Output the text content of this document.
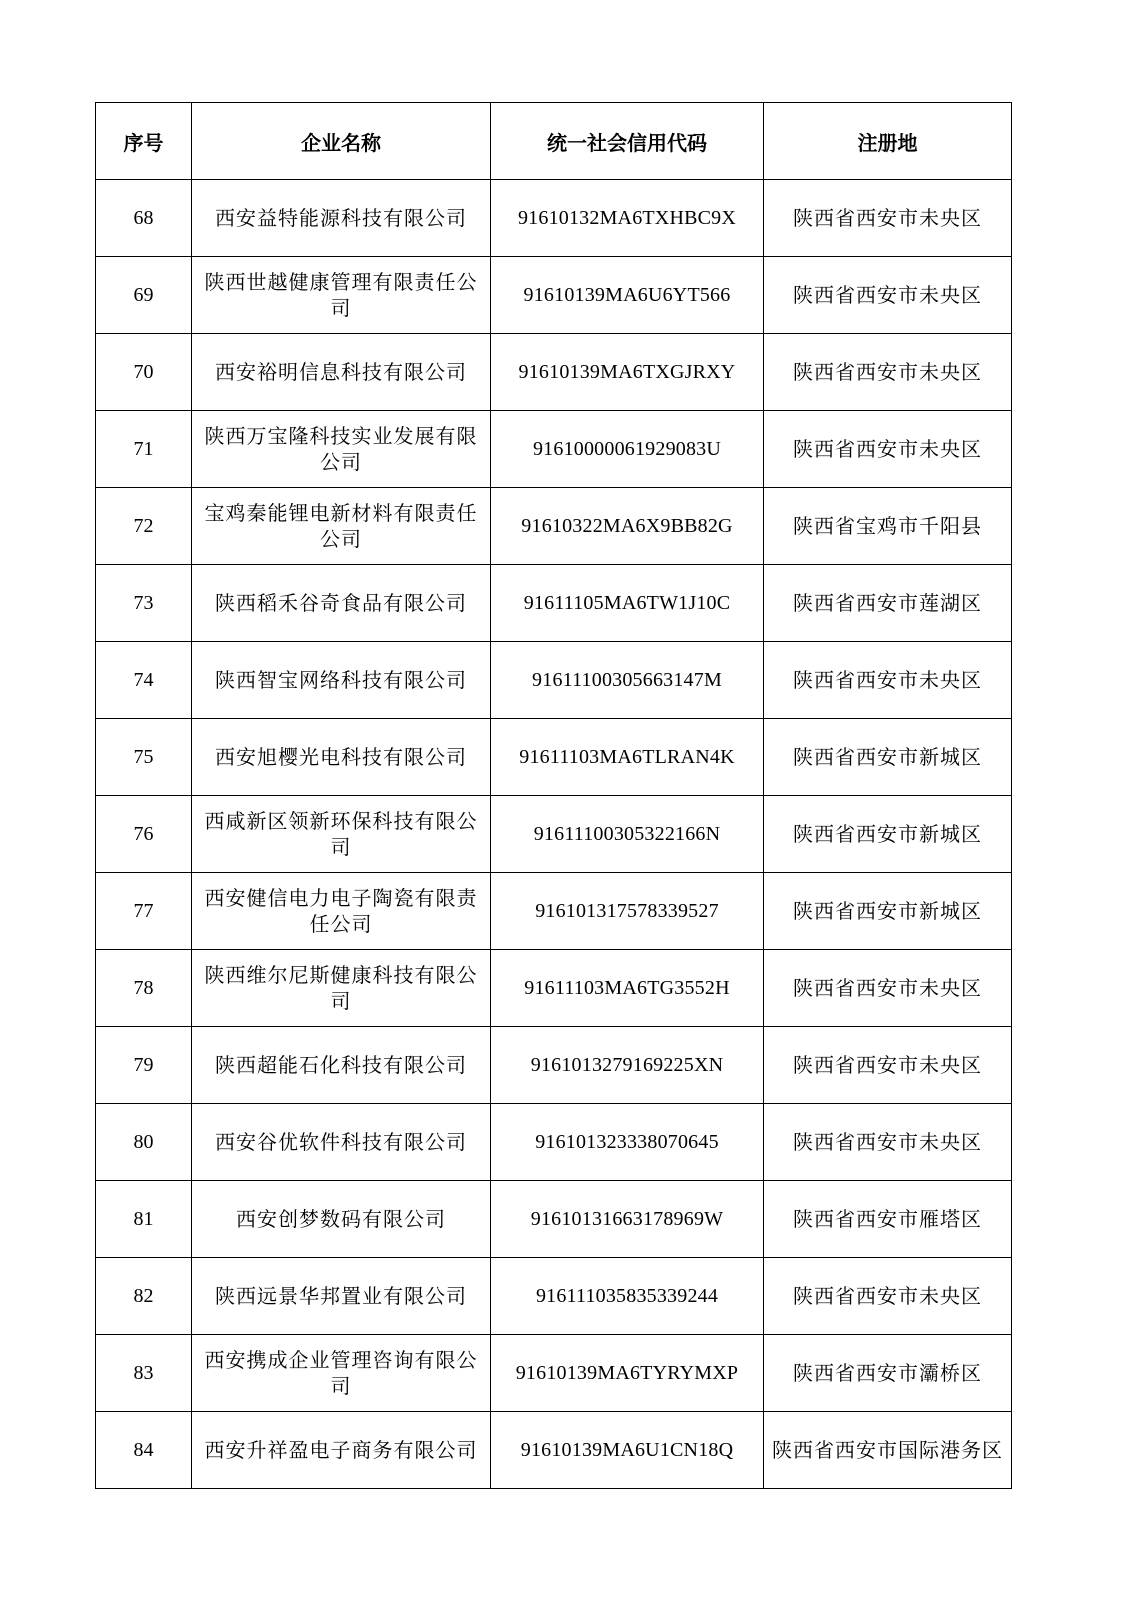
序号	企业名称	统一社会信用代码	注册地
68	西安益特能源科技有限公司	91610132MA6TXHBC9X	陕西省西安市未央区
69	陕西世越健康管理有限责任公司	91610139MA6U6YT566	陕西省西安市未央区
70	西安裕明信息科技有限公司	91610139MA6TXGJRXY	陕西省西安市未央区
71	陕西万宝隆科技实业发展有限公司	91610000061929083U	陕西省西安市未央区
72	宝鸡秦能锂电新材料有限责任公司	91610322MA6X9BB82G	陕西省宝鸡市千阳县
73	陕西稻禾谷奇食品有限公司	91611105MA6TW1J10C	陕西省西安市莲湖区
74	陕西智宝网络科技有限公司	9161110030566314​7M	陕西省西安市未央区
75	西安旭樱光电科技有限公司	91611103MA6TLRAN4K	陕西省西安市新城区
76	西咸新区领新环保科技有限公司	91611100305322166N	陕西省西安市新城区
77	西安健信电力电子陶瓷有限责任公司	916101317578339527	陕西省西安市新城区
78	陕西维尔尼斯健康科技有限公司	91611103MA6TG3552H	陕西省西安市未央区
79	陕西超能石化科技有限公司	9161013279169225XN	陕西省西安市未央区
80	西安谷优软件科技有限公司	916101323338070645	陕西省西安市未央区
81	西安创梦数码有限公司	91610131663178969W	陕西省西安市雁塔区
82	陕西远景华邦置业有限公司	916111035835339244	陕西省西安市未央区
83	西安携成企业管理咨询有限公司	91610139MA6TYRYMXP	陕西省西安市灞桥区
84	西安升祥盈电子商务有限公司	91610139MA6U1CN18Q	陕西省西安市国际港务区
